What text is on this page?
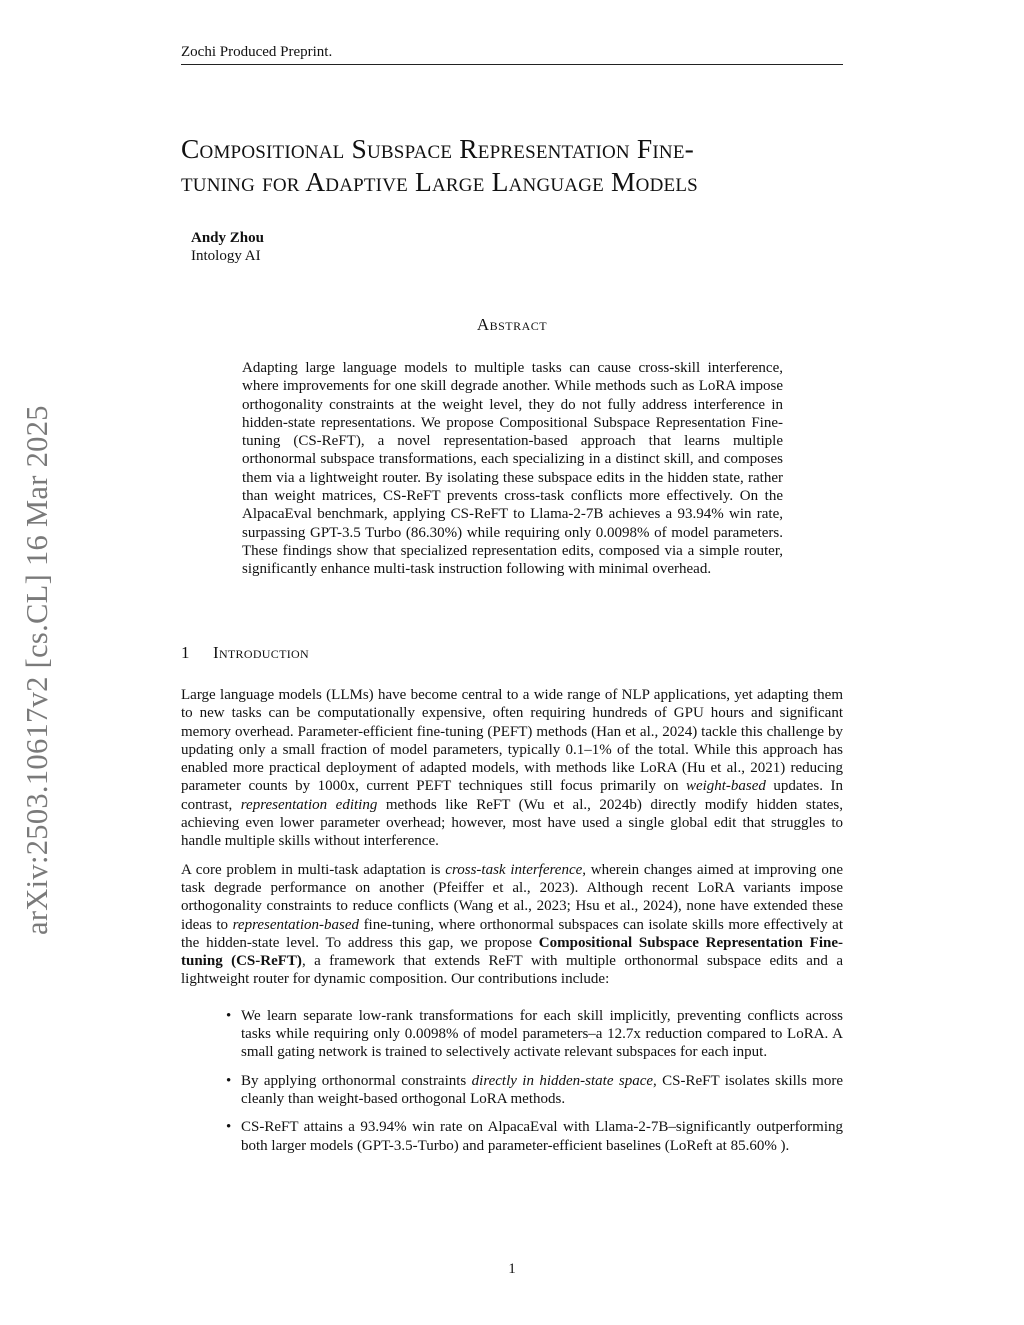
Zochi Produced Preprint.
arXiv:2503.10617v2 [cs.CL] 16 Mar 2025
Compositional Subspace Representation Fine-
tuning for Adaptive Large Language Models
Andy Zhou
Intology AI
Abstract
Adapting large language models to multiple tasks can cause cross-skill interference, where improvements for one skill degrade another. While methods such as LoRA impose orthogonality constraints at the weight level, they do not fully address interference in hidden-state representations. We propose Compositional Subspace Representation Fine-tuning (CS-ReFT), a novel representation-based approach that learns multiple orthonormal subspace transformations, each specializing in a distinct skill, and composes them via a lightweight router. By isolating these subspace edits in the hidden state, rather than weight matrices, CS-ReFT prevents cross-task conflicts more effectively. On the AlpacaEval benchmark, applying CS-ReFT to Llama-2-7B achieves a 93.94% win rate, surpassing GPT-3.5 Turbo (86.30%) while requiring only 0.0098% of model parameters. These findings show that specialized representation edits, composed via a simple router, significantly enhance multi-task instruction following with minimal overhead.
1 Introduction

Large language models (LLMs) have become central to a wide range of NLP applications, yet adapting them to new tasks can be computationally expensive, often requiring hundreds of GPU hours and significant memory overhead. Parameter-efficient fine-tuning (PEFT) methods (Han et al., 2024) tackle this challenge by updating only a small fraction of model parameters, typically 0.1–1% of the total. While this approach has enabled more practical deployment of adapted models, with methods like LoRA (Hu et al., 2021) reducing parameter counts by 1000x, current PEFT techniques still focus primarily on weight-based updates. In contrast, representation editing methods like ReFT (Wu et al., 2024b) directly modify hidden states, achieving even lower parameter overhead; however, most have used a single global edit that struggles to handle multiple skills without interference.

A core problem in multi-task adaptation is cross-task interference, wherein changes aimed at improving one task degrade performance on another (Pfeiffer et al., 2023). Although recent LoRA variants impose orthogonality constraints to reduce conflicts (Wang et al., 2023; Hsu et al., 2024), none have extended these ideas to representation-based fine-tuning, where orthonormal subspaces can isolate skills more effectively at the hidden-state level. To address this gap, we propose Compositional Subspace Representation Fine-tuning (CS-ReFT), a framework that extends ReFT with multiple orthonormal subspace edits and a lightweight router for dynamic composition. Our contributions include:

• We learn separate low-rank transformations for each skill implicitly, preventing conflicts across tasks while requiring only 0.0098% of model parameters–a 12.7x reduction compared to LoRA. A small gating network is trained to selectively activate relevant subspaces for each input.
• By applying orthonormal constraints directly in hidden-state space, CS-ReFT isolates skills more cleanly than weight-based orthogonal LoRA methods.
• CS-ReFT attains a 93.94% win rate on AlpacaEval with Llama-2-7B–significantly outperforming both larger models (GPT-3.5-Turbo) and parameter-efficient baselines (LoReft at 85.60% ).
1
